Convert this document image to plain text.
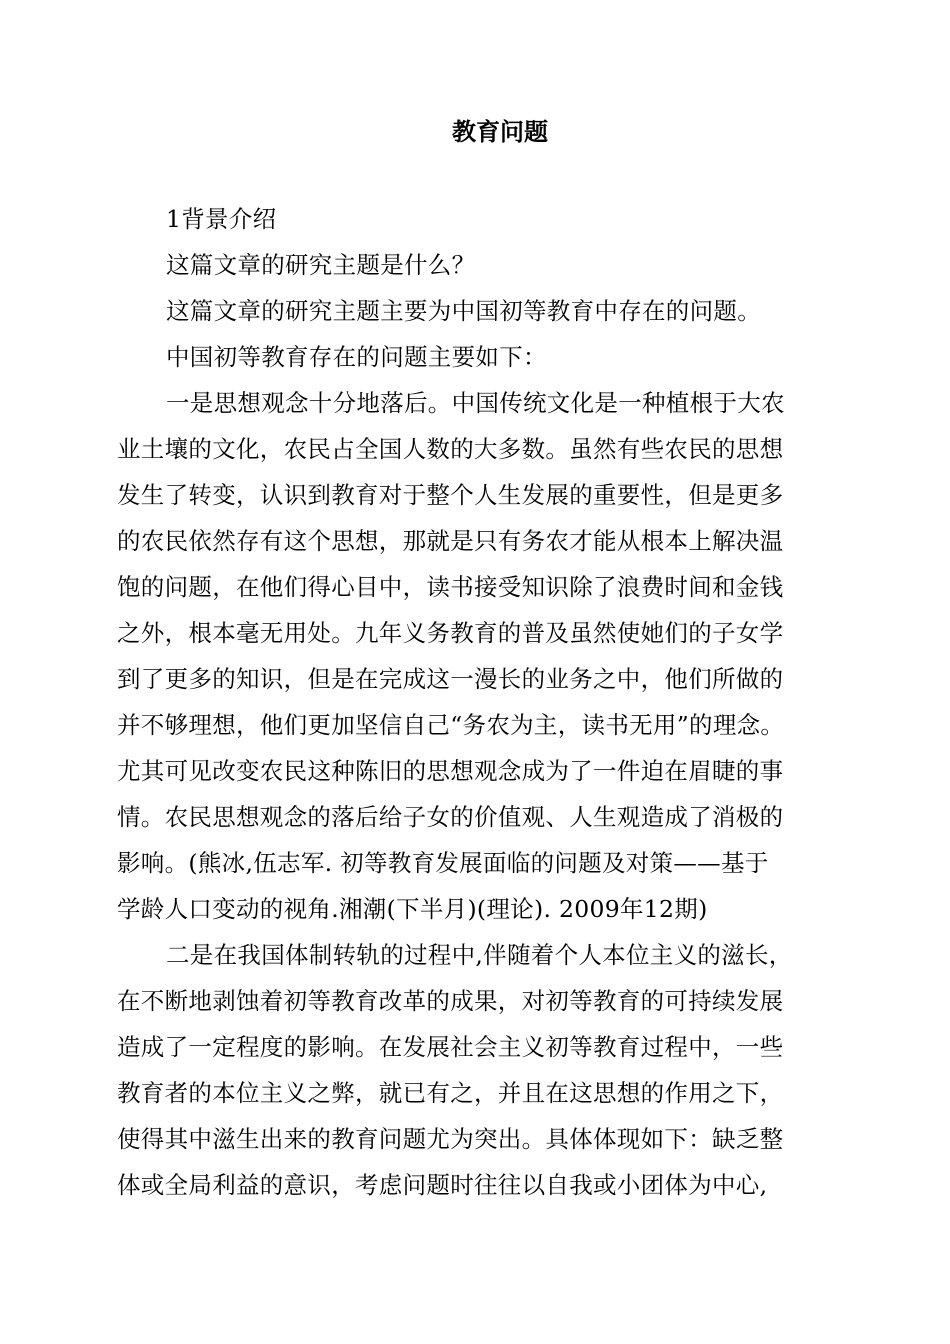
教育问题

1背景介绍

这篇文章的研究主题是什么？

这篇文章的研究主题主要为中国初等教育中存在的问题。

中国初等教育存在的问题主要如下：

一是思想观念十分地落后。中国传统文化是一种植根于大农

业土壤的文化，农民占全国人数的大多数。虽然有些农民的思想

发生了转变，认识到教育对于整个人生发展的重要性，但是更多

的农民依然存有这个思想，那就是只有务农才能从根本上解决温

饱的问题，在他们得心目中，读书接受知识除了浪费时间和金钱

之外，根本毫无用处。九年义务教育的普及虽然使她们的子女学

到了更多的知识，但是在完成这一漫长的业务之中，他们所做的

并不够理想，他们更加坚信自己“务农为主，读书无用”的理念。

尤其可见改变农民这种陈旧的思想观念成为了一件迫在眉睫的事

情。农民思想观念的落后给子女的价值观、人生观造成了消极的

影响。(熊冰,伍志军. 初等教育发展面临的问题及对策——基于

学龄人口变动的视角.湘潮(下半月)(理论). 2009年12期)

二是在我国体制转轨的过程中,伴随着个人本位主义的滋长，

在不断地剥蚀着初等教育改革的成果，对初等教育的可持续发展

造成了一定程度的影响。在发展社会主义初等教育过程中，一些

教育者的本位主义之弊，就已有之，并且在这思想的作用之下，

使得其中滋生出来的教育问题尤为突出。具体体现如下：缺乏整

体或全局利益的意识，考虑问题时往往以自我或小团体为中心,
